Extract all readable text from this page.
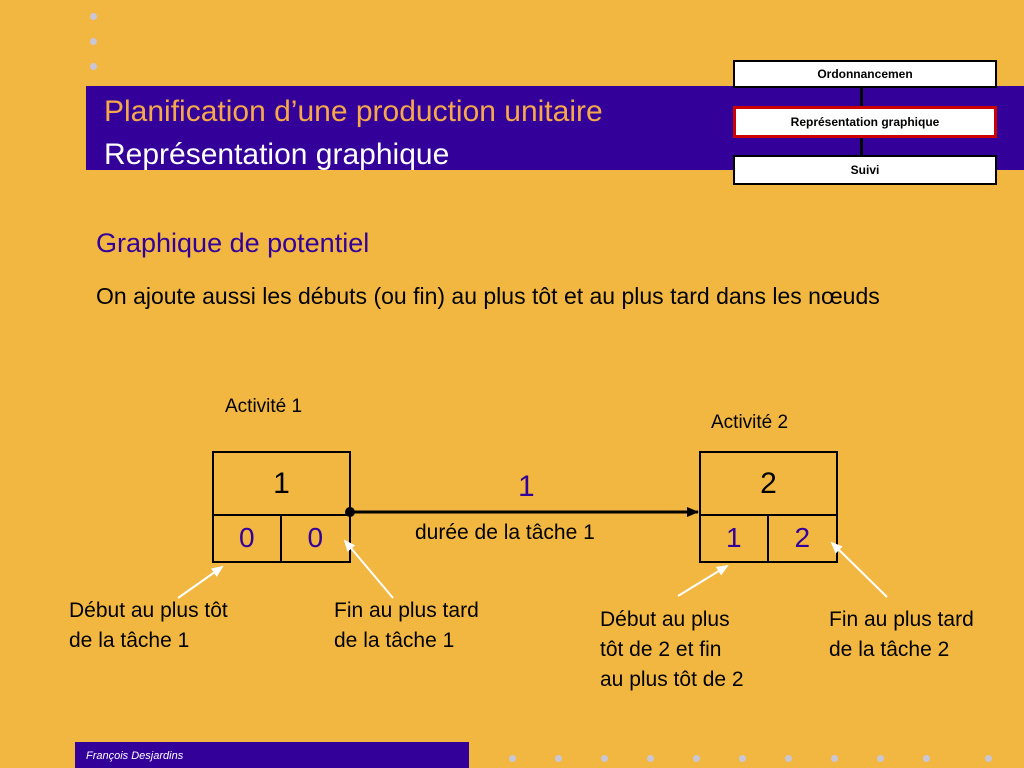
Planification d’une production unitaire
Représentation graphique
Ordonnancemen
Représentation graphique
Suivi
Graphique de potentiel
On ajoute aussi les débuts (ou fin) au plus tôt et au plus tard dans les nœuds
Activité 1
Activité 2
1
0	0
2
1	2
1
durée de la tâche 1
Début au plus tôt
de la tâche 1
Fin au plus tard
de la tâche 1
Début au plus
tôt de 2 et fin
au plus tôt de 2
Fin au plus tard
de la tâche 2
François Desjardins
